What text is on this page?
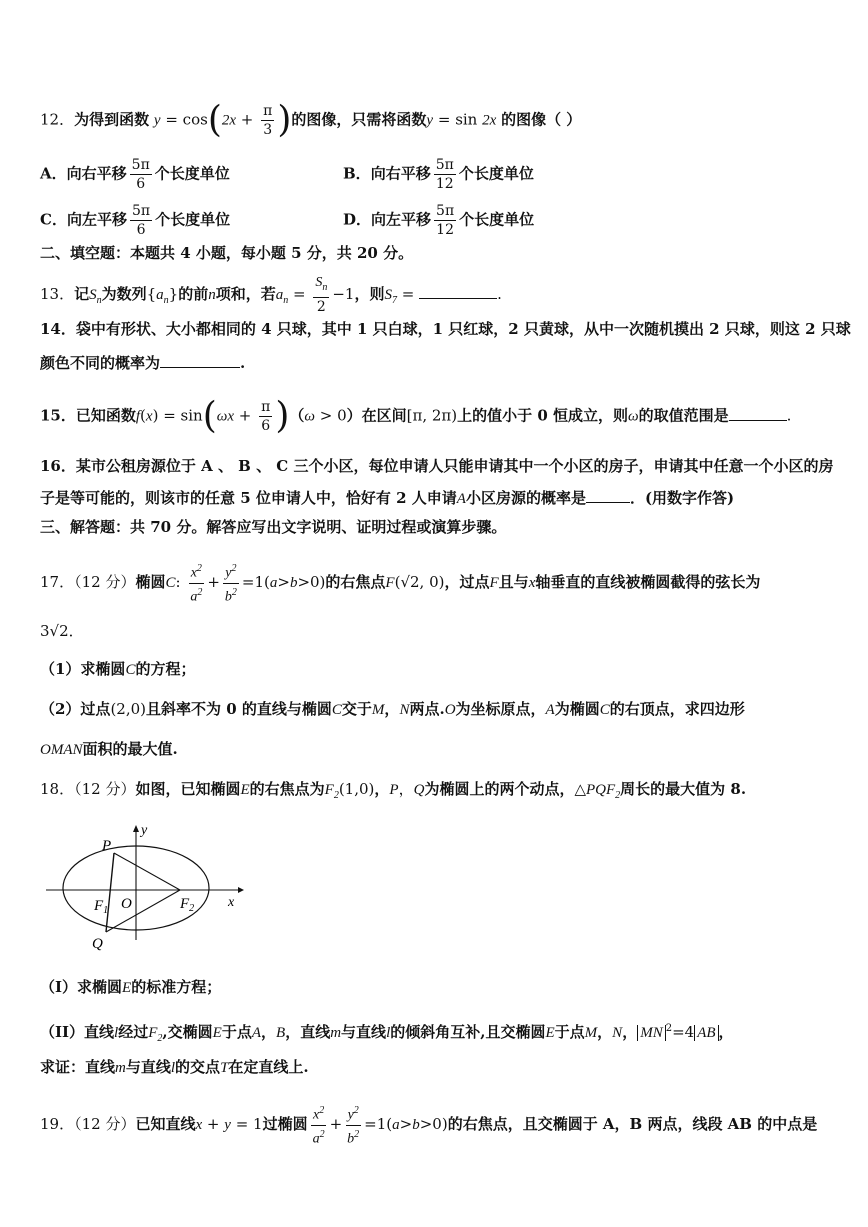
12．为得到函数 $y = \cos(2x + \frac{\pi}{3}$ )的图像，只需将函数y = sin 2x 的图像（ ）
A．向右平移 $\frac{5\pi}{6}$ 个长度单位	B．向右平移 $\frac{5\pi}{12}$ 个长度单位
C．向左平移 $\frac{5\pi}{6}$ 个长度单位	D．向左平移 $\frac{5\pi}{12}$ 个长度单位
二、填空题：本题共 4 小题，每小题 5 分，共 20 分。
13．记$S_n$为数列$\{a_n\}$的前n项和，若$a_n = \frac{S_n}{2} -1$，则$S_7$ =	.
14．袋中有形状、大小都相同的 4 只球，其中 1 只白球，1 只红球，2 只黄球，从中一次随机摸出 2 只球，则这 2 只球
颜色不同的概率为	.
15．已知函数$f(x) = \sin(\omega x + \frac{\pi}{6} )(\omega > 0)$在区间[π, 2π)上的值小于 0 恒成立，则ω的取值范围是	.
16．某市公租房源位于 A 、 B 、 C 三个小区，每位申请人只能申请其中一个小区的房子，申请其中任意一个小区的房
子是等可能的，则该市的任意 5 位申请人中，恰好有 2 人申请A小区房源的概率是	．(用数字作答)
三、解答题：共 70 分。解答应写出文字说明、证明过程或演算步骤。
17．（12 分）椭圆C: $\frac{x^2}{a^2} + \frac{y^2}{b^2} =1(a>b>0)$的右焦点F(√2, 0)，过点F且与x轴垂直的直线被椭圆截得的弦长为
3√2．
（1）求椭圆C的方程；
（2）过点(2,0)且斜率不为 0 的直线与椭圆C交于M，N两点.O为坐标原点，A为椭圆C的右顶点，求四边形
OMAN面积的最大值.
18．（12 分）如图，已知椭圆E的右焦点为$F_2(1,0)$，P，Q为椭圆上的两个动点，$\triangle PQF_2$周长的最大值为 8.
P
y
$F_1$ O	$F_2$ x
Q
（I）求椭圆E的标准方程；
（II）直线l经过$F_2$,交椭圆E于点A，B，直线m与直线l的倾斜角互补,且交椭圆E于点M，N， MN $^2$=4 AB ，
求证：直线m与直线l的交点T在定直线上.
19．（12 分）已知直线x + y = 1过椭圆 $\frac{x^2}{a^2} + \frac{y^2}{b^2} =1(a>b>0)$的右焦点，且交椭圆于 A，B 两点，线段 AB 的中点是
